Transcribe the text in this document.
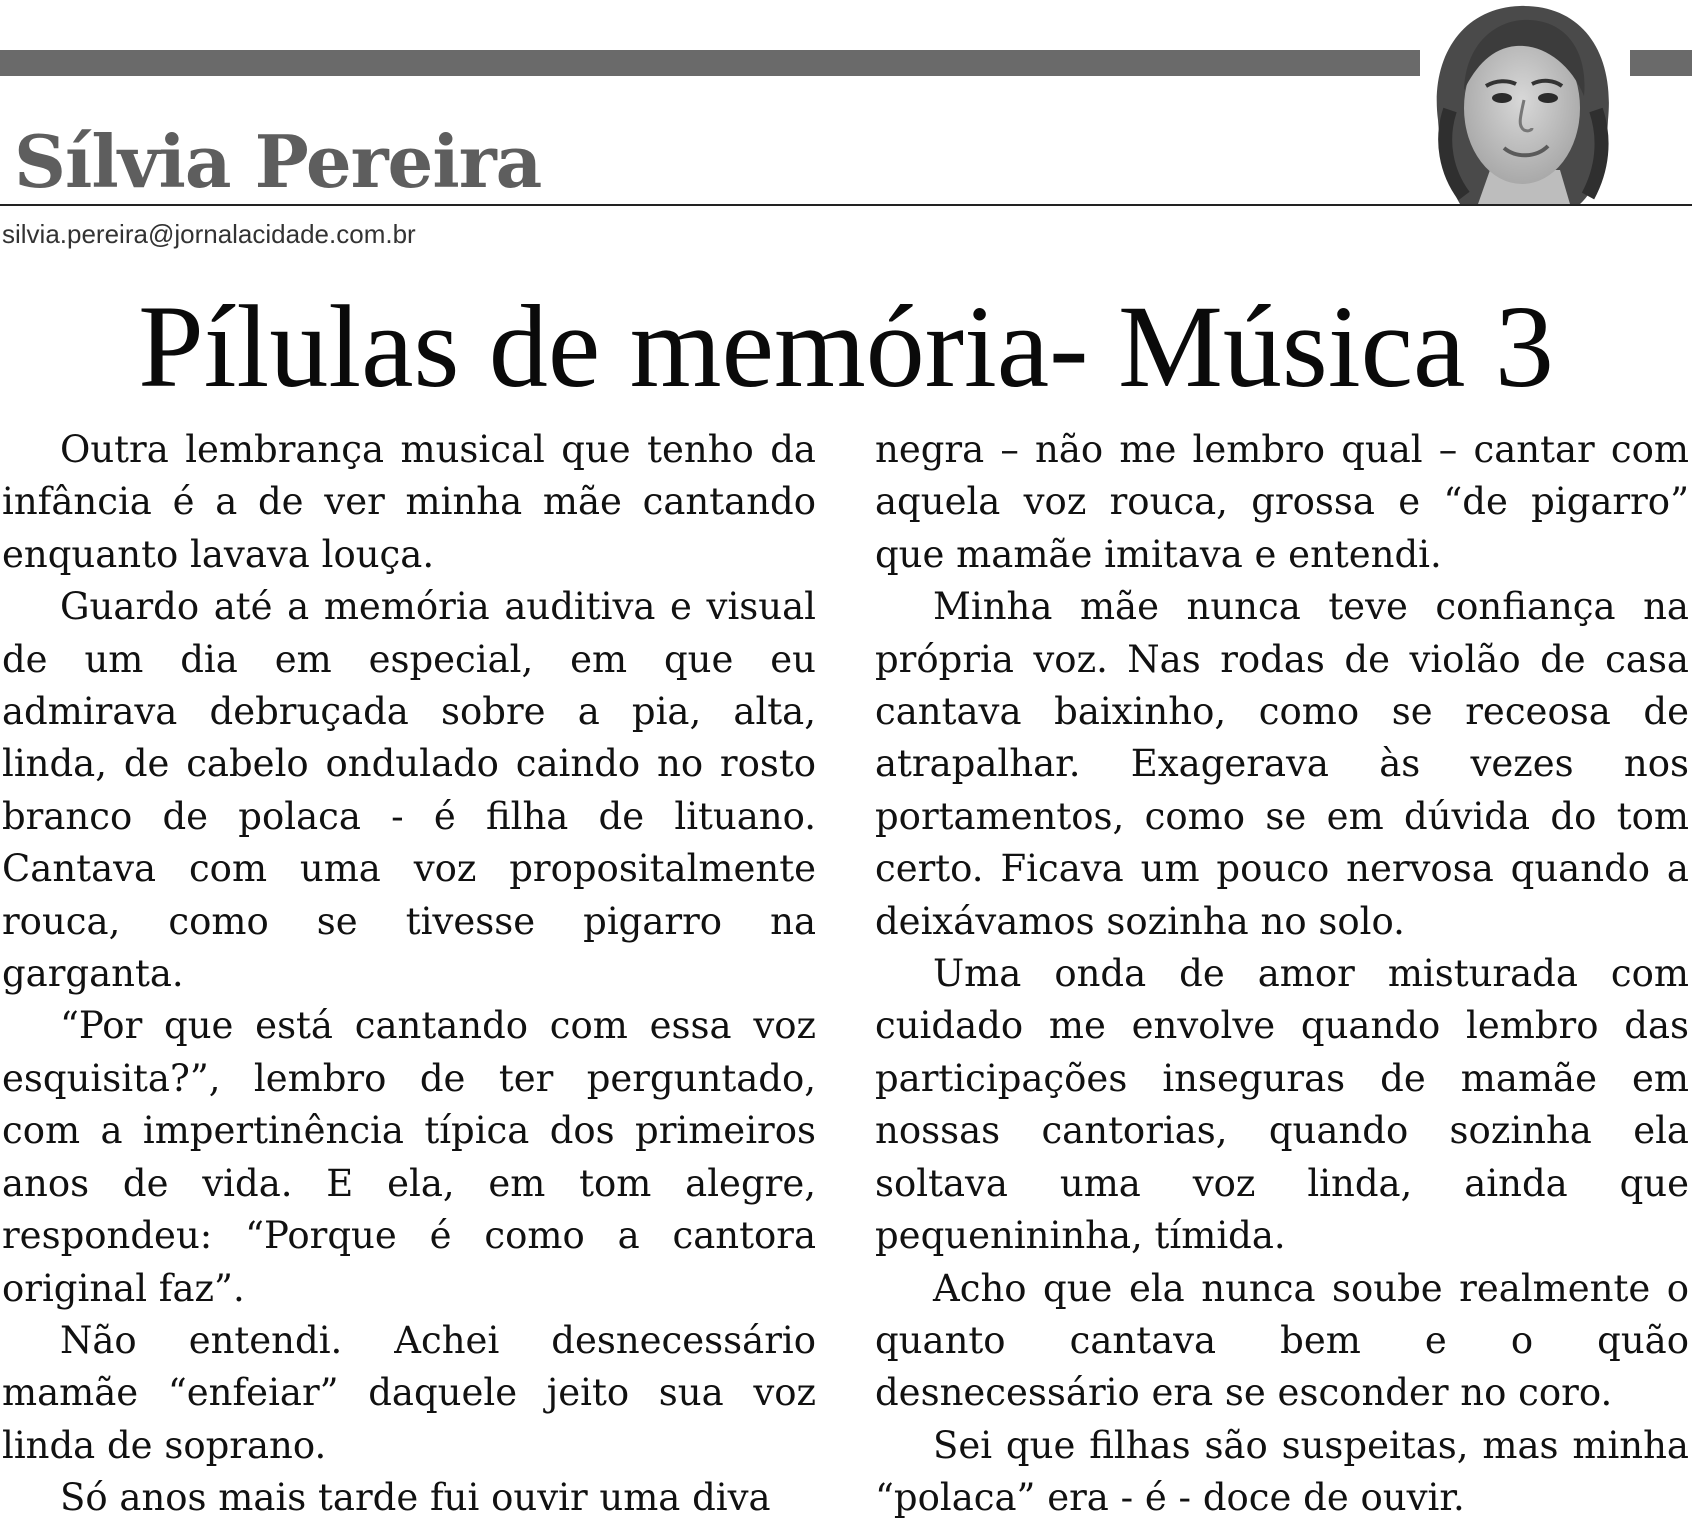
Sílvia Pereira
silvia.pereira@jornalacidade.com.br
Pílulas de memória- Música 3

Outra lembrança musical que tenho da infância é a de ver minha mãe cantando enquanto lavava louça.

Guardo até a memória auditiva e visual de um dia em especial, em que eu admirava debruçada sobre a pia, alta, linda, de cabelo ondulado caindo no rosto branco de polaca - é filha de lituano. Cantava com uma voz propositalmente rouca, como se tivesse pigarro na garganta.

“Por que está cantando com essa voz esquisita?”, lembro de ter perguntado, com a impertinência típica dos primeiros anos de vida. E ela, em tom alegre, respondeu: “Porque é como a cantora original faz”.

Não entendi. Achei desnecessário mamãe “enfeiar” daquele jeito sua voz linda de soprano.

Só anos mais tarde fui ouvir uma diva

negra – não me lembro qual – cantar com aquela voz rouca, grossa e “de pigarro” que mamãe imitava e entendi.

Minha mãe nunca teve confiança na própria voz. Nas rodas de violão de casa cantava baixinho, como se receosa de atrapalhar. Exagerava às vezes nos portamentos, como se em dúvida do tom certo. Ficava um pouco nervosa quando a deixávamos sozinha no solo.

Uma onda de amor misturada com cuidado me envolve quando lembro das participações inseguras de mamãe em nossas cantorias, quando sozinha ela soltava uma voz linda, ainda que pequenininha, tímida.

Acho que ela nunca soube realmente o quanto cantava bem e o quão desnecessário era se esconder no coro.

Sei que filhas são suspeitas, mas minha “polaca” era - é - doce de ouvir.
